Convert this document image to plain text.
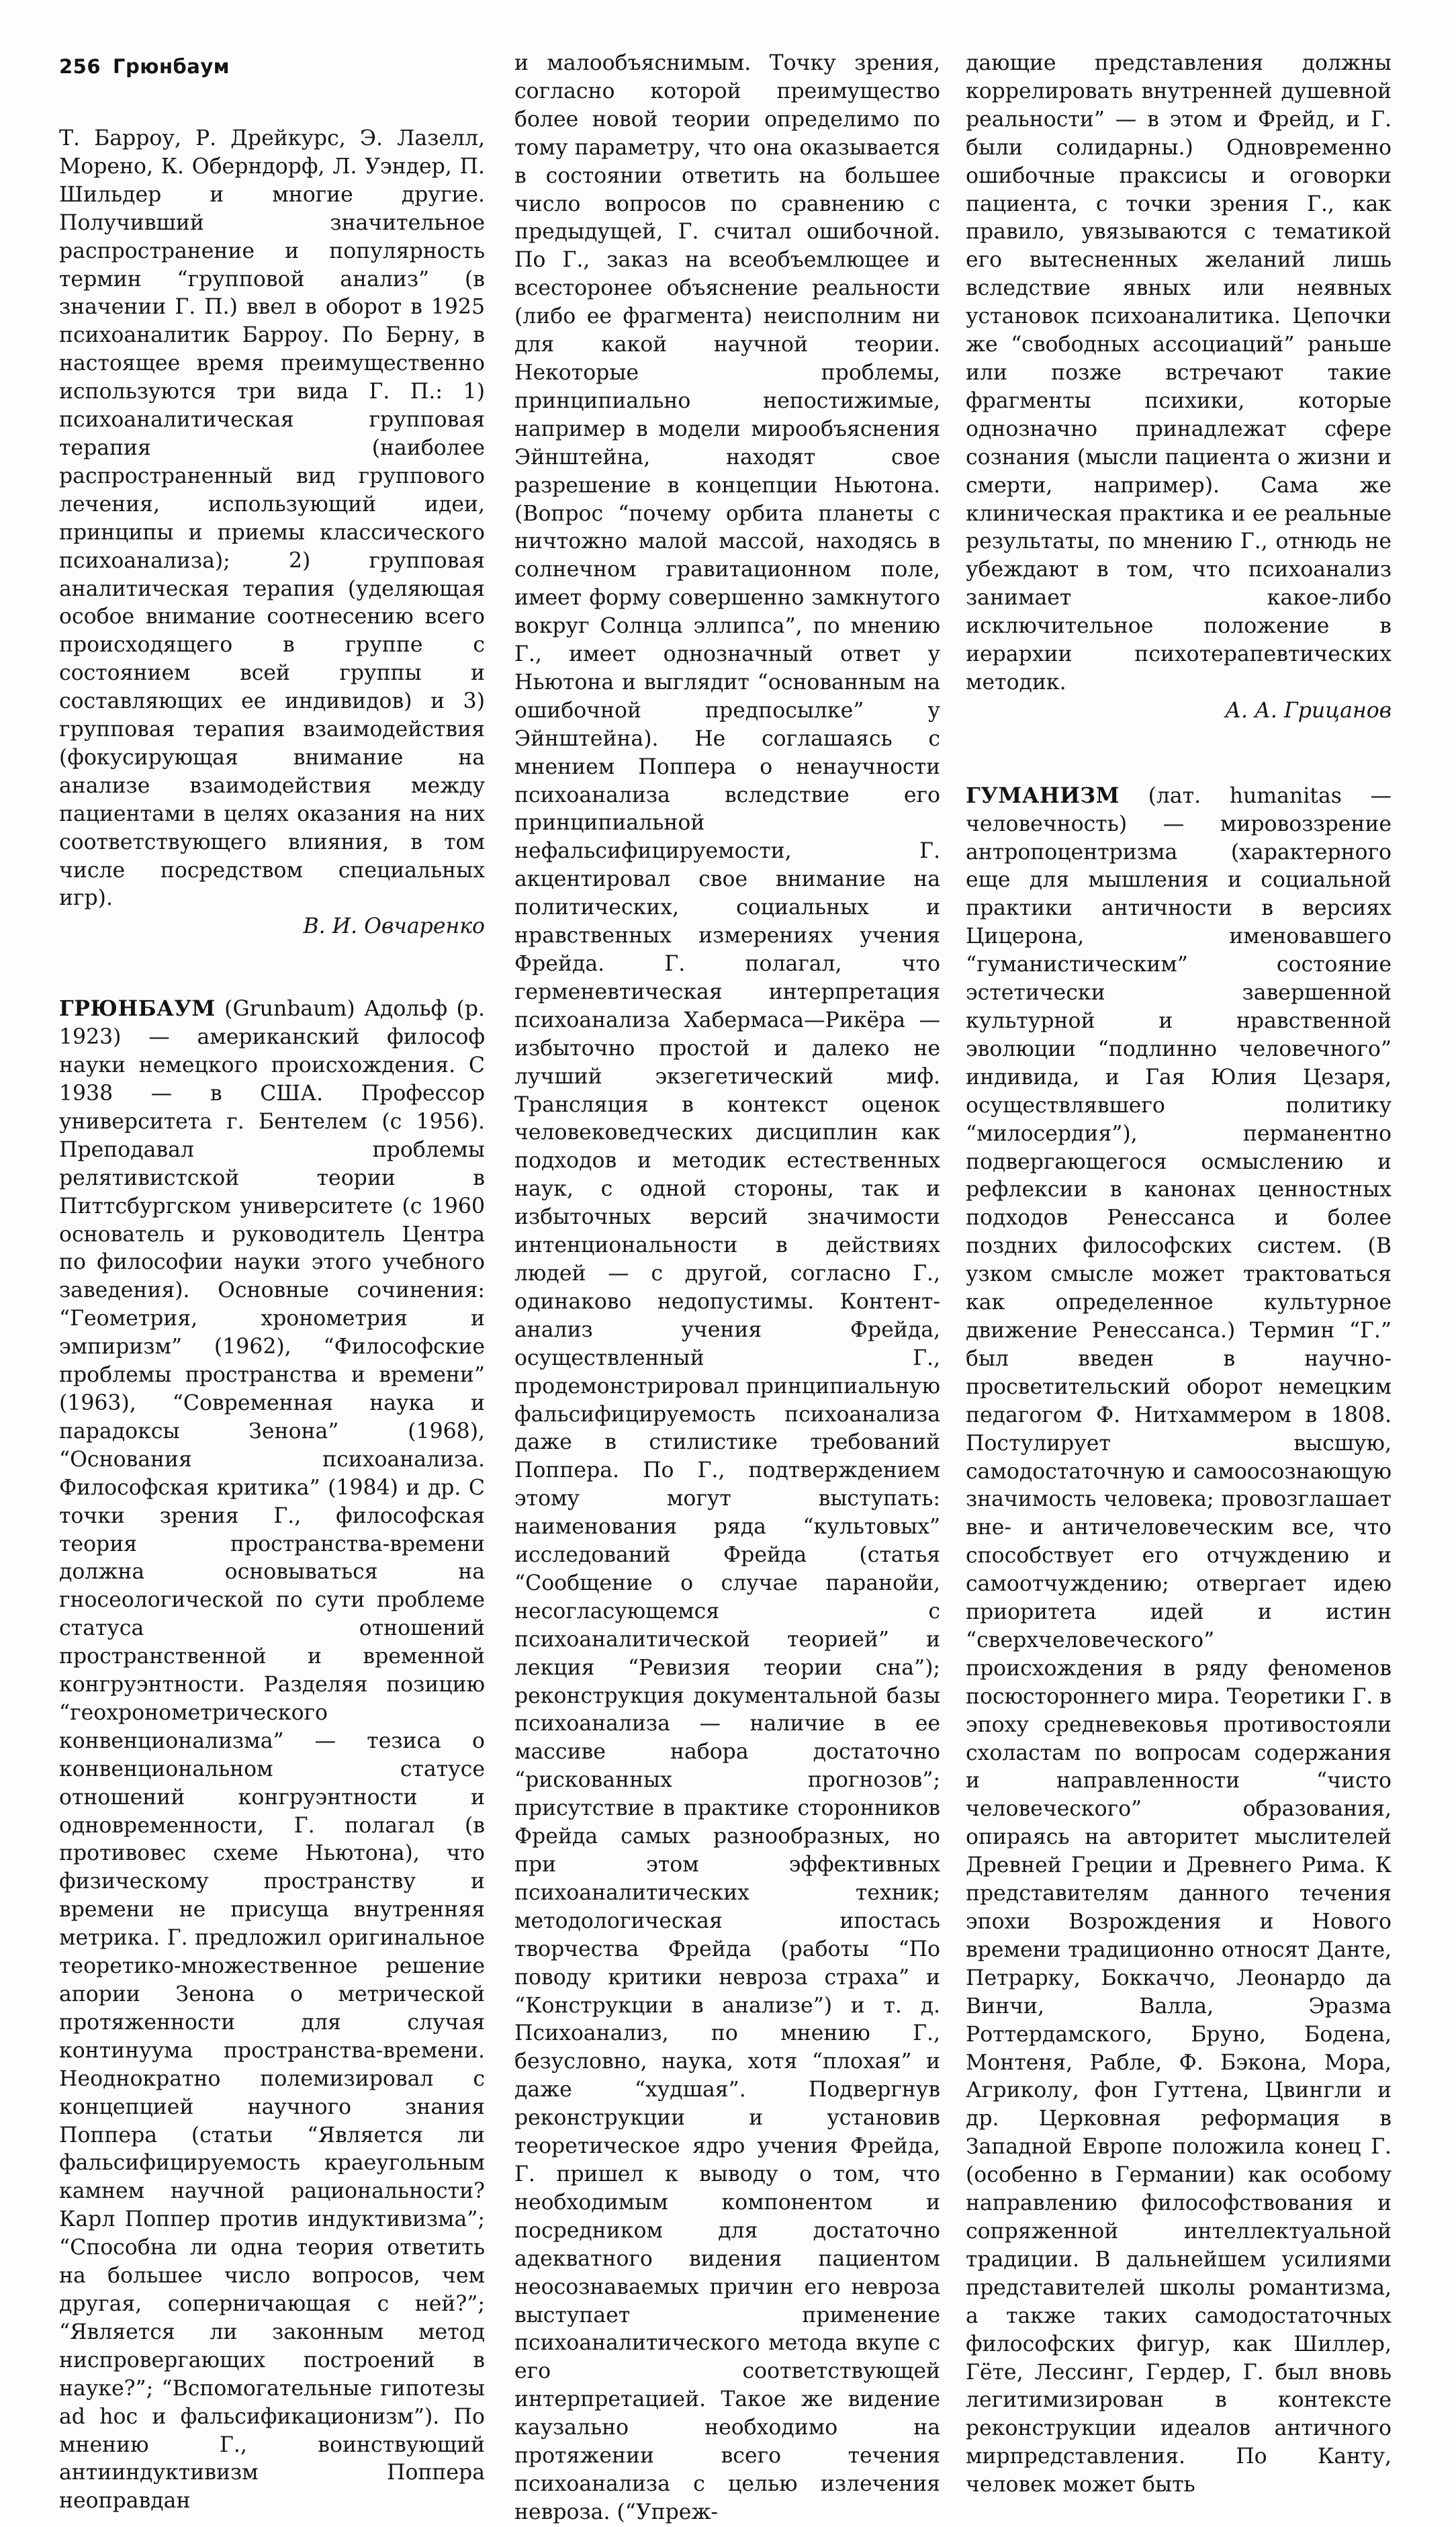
256 Грюнбаум

Т. Барроу, Р. Дрейкурс, Э. Лазелл, Морено, К. Оберндорф, Л. Уэндер, П. Шильдер и многие другие. Получивший значительное распространение и популярность термин “групповой анализ” (в значении Г. П.) ввел в оборот в 1925 психоаналитик Барроу. По Берну, в настоящее время преимущественно используются три вида Г. П.: 1) психоаналитическая групповая терапия (наиболее распространенный вид группового лечения, использующий идеи, принципы и приемы классического психоанализа); 2) групповая аналитическая терапия (уделяющая особое внимание соотнесению всего происходящего в группе с состоянием всей группы и составляющих ее индивидов) и 3) групповая терапия взаимодействия (фокусирующая внимание на анализе взаимодействия между пациентами в целях оказания на них соответствующего влияния, в том числе посредством специальных игр).

В. И. Овчаренко

ГРЮНБАУМ (Grunbaum) Адольф (р. 1923) — американский философ науки немецкого происхождения. С 1938 — в США. Профессор университета г. Бентелем (с 1956). Преподавал проблемы релятивистской теории в Питтсбургском университете (с 1960 основатель и руководитель Центра по философии науки этого учебного заведения). Основные сочинения: “Геометрия, хронометрия и эмпиризм” (1962), “Философские проблемы пространства и времени” (1963), “Современная наука и парадоксы Зенона” (1968), “Основания психоанализа. Философская критика” (1984) и др. С точки зрения Г., философская теория пространства-времени должна основываться на гносеологической по сути проблеме статуса отношений пространственной и временной конгруэнтности. Разделяя позицию “геохронометрического конвенционализма” — тезиса о конвенциональном статусе отношений конгруэнтности и одновременности, Г. полагал (в противовес схеме Ньютона), что физическому пространству и времени не присуща внутренняя метрика. Г. предложил оригинальное теоретико-множественное решение апории Зенона о метрической протяженности для случая континуума пространства-времени. Неоднократно полемизировал с концепцией научного знания Поппера (статьи “Является ли фальсифицируемость краеугольным камнем научной рациональности? Карл Поппер против индуктивизма”; “Способна ли одна теория ответить на большее число вопросов, чем другая, соперничающая с ней?”; “Является ли законным метод ниспровергающих построений в науке?”; “Вспомогательные гипотезы ad hoc и фальсификационизм”). По мнению Г., воинствующий антииндуктивизм Поппера неоправдан

и малообъяснимым. Точку зрения, согласно которой преимущество более новой теории определимо по тому параметру, что она оказывается в состоянии ответить на большее число вопросов по сравнению с предыдущей, Г. считал ошибочной. По Г., заказ на всеобъемлющее и всесторонее объяснение реальности (либо ее фрагмента) неисполним ни для какой научной теории. Некоторые проблемы, принципиально непостижимые, например в модели мирообъяснения Эйнштейна, находят свое разрешение в концепции Ньютона. (Вопрос “почему орбита планеты с ничтожно малой массой, находясь в солнечном гравитационном поле, имеет форму совершенно замкнутого вокруг Солнца эллипса”, по мнению Г., имеет однозначный ответ у Ньютона и выглядит “основанным на ошибочной предпосылке” у Эйнштейна). Не соглашаясь с мнением Поппера о ненаучности психоанализа вследствие его принципиальной нефальсифицируемости, Г. акцентировал свое внимание на политических, социальных и нравственных измерениях учения Фрейда. Г. полагал, что герменевтическая интерпретация психоанализа Хабермаса—Рикёра — избыточно простой и далеко не лучший экзегетический миф. Трансляция в контекст оценок человековедческих дисциплин как подходов и методик естественных наук, с одной стороны, так и избыточных версий значимости интенциональности в действиях людей — с другой, согласно Г., одинаково недопустимы. Контент-анализ учения Фрейда, осуществленный Г., продемонстрировал принципиальную фальсифицируемость психоанализа даже в стилистике требований Поппера. По Г., подтверждением этому могут выступать: наименования ряда “культовых” исследований Фрейда (статья “Сообщение о случае паранойи, несогласующемся с психоаналитической теорией” и лекция “Ревизия теории сна”); реконструкция документальной базы психоанализа — наличие в ее массиве набора достаточно “рискованных прогнозов”; присутствие в практике сторонников Фрейда самых разнообразных, но при этом эффективных психоаналитических техник; методологическая ипостась творчества Фрейда (работы “По поводу критики невроза страха” и “Конструкции в анализе”) и т. д. Психоанализ, по мнению Г., безусловно, наука, хотя “плохая” и даже “худшая”. Подвергнув реконструкции и установив теоретическое ядро учения Фрейда, Г. пришел к выводу о том, что необходимым компонентом и посредником для достаточно адекватного видения пациентом неосознаваемых причин его невроза выступает применение психоаналитического метода вкупе с его соответствующей интерпретацией. Такое же видение каузально необходимо на протяжении всего течения психоанализа с целью излечения невроза. (“Упреж-

дающие представления должны коррелировать внутренней душевной реальности” — в этом и Фрейд, и Г. были солидарны.) Одновременно ошибочные праксисы и оговорки пациента, с точки зрения Г., как правило, увязываются с тематикой его вытесненных желаний лишь вследствие явных или неявных установок психоаналитика. Цепочки же “свободных ассоциаций” раньше или позже встречают такие фрагменты психики, которые однозначно принадлежат сфере сознания (мысли пациента о жизни и смерти, например). Сама же клиническая практика и ее реальные результаты, по мнению Г., отнюдь не убеждают в том, что психоанализ занимает какое-либо исключительное положение в иерархии психотерапевтических методик.

А. А. Грицанов

ГУМАНИЗМ (лат. humanitas — человечность) — мировоззрение антропоцентризма (характерного еще для мышления и социальной практики античности в версиях Цицерона, именовавшего “гуманистическим” состояние эстетически завершенной культурной и нравственной эволюции “подлинно человечного” индивида, и Гая Юлия Цезаря, осуществлявшего политику “милосердия”), перманентно подвергающегося осмыслению и рефлексии в канонах ценностных подходов Ренессанса и более поздних философских систем. (В узком смысле может трактоваться как определенное культурное движение Ренессанса.) Термин “Г.” был введен в научно-просветительский оборот немецким педагогом Ф. Нитхаммером в 1808. Постулирует высшую, самодостаточную и самоосознающую значимость человека; провозглашает вне- и античеловеческим все, что способствует его отчуждению и самоотчуждению; отвергает идею приоритета идей и истин “сверхчеловеческого” происхождения в ряду феноменов посюстороннего мира. Теоретики Г. в эпоху средневековья противостояли схоластам по вопросам содержания и направленности “чисто человеческого” образования, опираясь на авторитет мыслителей Древней Греции и Древнего Рима. К представителям данного течения эпохи Возрождения и Нового времени традиционно относят Данте, Петрарку, Боккаччо, Леонардо да Винчи, Валла, Эразма Роттердамского, Бруно, Бодена, Монтеня, Рабле, Ф. Бэкона, Мора, Агриколу, фон Гуттена, Цвингли и др. Церковная реформация в Западной Европе положила конец Г. (особенно в Германии) как особому направлению философствования и сопряженной интеллектуальной традиции. В дальнейшем усилиями представителей школы романтизма, а также таких самодостаточных философских фигур, как Шиллер, Гёте, Лессинг, Гердер, Г. был вновь легитимизирован в контексте реконструкции идеалов античного мирпредставления. По Канту, человек может быть
